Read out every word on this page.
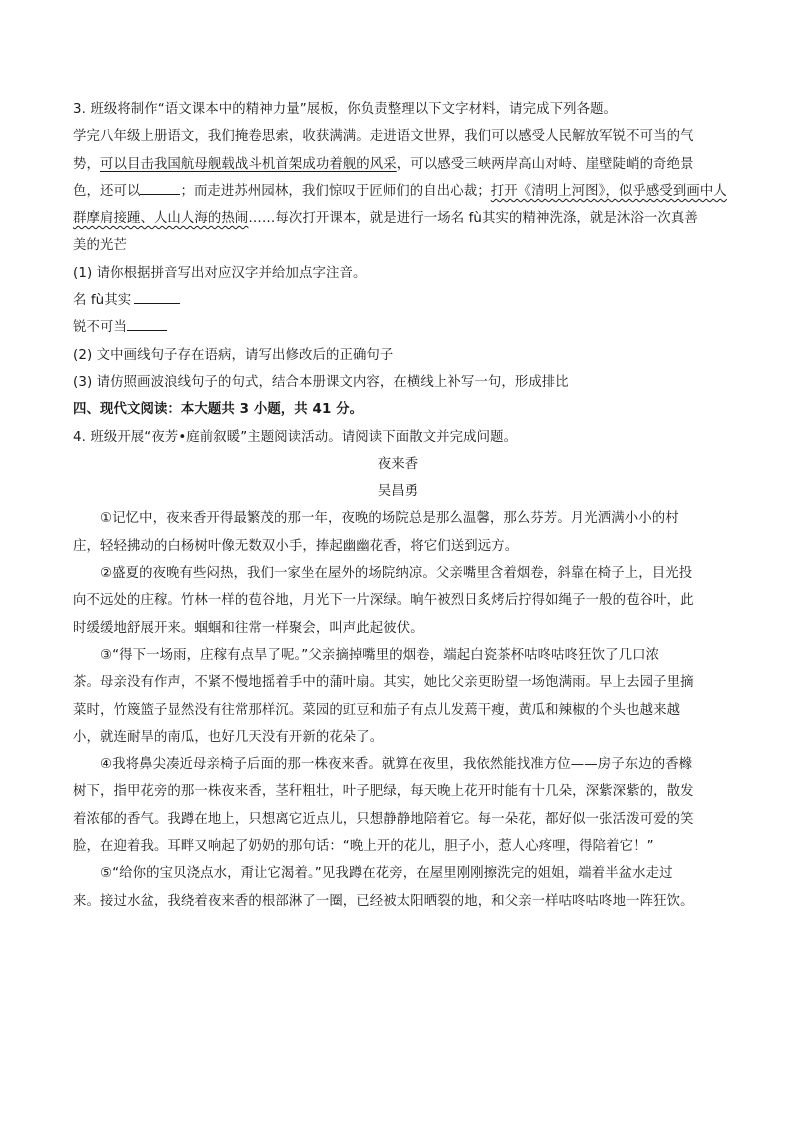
3. 班级将制作“语文课本中的精神力量”展板，你负责整理以下文字材料，请完成下列各题。
学完八年级上册语文，我们掩卷思索，收获满满。走进语文世界，我们可以感受人民解放军锐不可当的气
势，可以目击我国航母舰载战斗机首架成功着舰的风采，可以感受三峡两岸高山对峙、崖壁陡峭的奇绝景
色，还可以	；而走进苏州园林，我们惊叹于匠师们的自出心裁；打开《清明上河图》，似乎感受到画中人
群摩肩接踵、人山人海的热闹……每次打开课本，就是进行一场名 fù其实的精神洗涤，就是沐浴一次真善
美的光芒
(1) 请你根据拼音写出对应汉字并给加点字注音。
名 fù其实
锐不可当
(2) 文中画线句子存在语病，请写出修改后的正确句子
(3) 请仿照画波浪线句子的句式，结合本册课文内容，在横线上补写一句，形成排比
四、现代文阅读：本大题共 3 小题，共 41 分。
4. 班级开展“夜芳•庭前叙暖”主题阅读活动。请阅读下面散文并完成问题。
夜来香
吴昌勇
①记忆中，夜来香开得最繁茂的那一年，夜晚的场院总是那么温馨，那么芬芳。月光洒满小小的村
庄，轻轻拂动的白杨树叶像无数双小手，捧起幽幽花香，将它们送到远方。
②盛夏的夜晚有些闷热，我们一家坐在屋外的场院纳凉。父亲嘴里含着烟卷，斜靠在椅子上，目光投
向不远处的庄稼。竹林一样的苞谷地，月光下一片深绿。晌午被烈日炙烤后拧得如绳子一般的苞谷叶，此
时缓缓地舒展开来。蝈蝈和往常一样聚会，叫声此起彼伏。
③“得下一场雨，庄稼有点旱了呢。”父亲摘掉嘴里的烟卷，端起白瓷茶杯咕咚咕咚狂饮了几口浓
茶。母亲没有作声，不紧不慢地摇着手中的蒲叶扇。其实，她比父亲更盼望一场饱满雨。早上去园子里摘
菜时，竹篾篮子显然没有往常那样沉。菜园的豇豆和茄子有点儿发蔫干瘦，黄瓜和辣椒的个头也越来越
小，就连耐旱的南瓜，也好几天没有开新的花朵了。
④我将鼻尖凑近母亲椅子后面的那一株夜来香。就算在夜里，我依然能找准方位——房子东边的香橼
树下，指甲花旁的那一株夜来香，茎秆粗壮，叶子肥绿，每天晚上花开时能有十几朵，深紫深紫的，散发
着浓郁的香气。我蹲在地上，只想离它近点儿，只想静静地陪着它。每一朵花，都好似一张活泼可爱的笑
脸，在迎着我。耳畔又响起了奶奶的那句话：“晚上开的花儿，胆子小，惹人心疼哩，得陪着它！”
⑤“给你的宝贝浇点水，甭让它渴着。”见我蹲在花旁，在屋里刚刚擦洗完的姐姐，端着半盆水走过
来。接过水盆，我绕着夜来香的根部淋了一圈，已经被太阳晒裂的地，和父亲一样咕咚咕咚地一阵狂饮。
